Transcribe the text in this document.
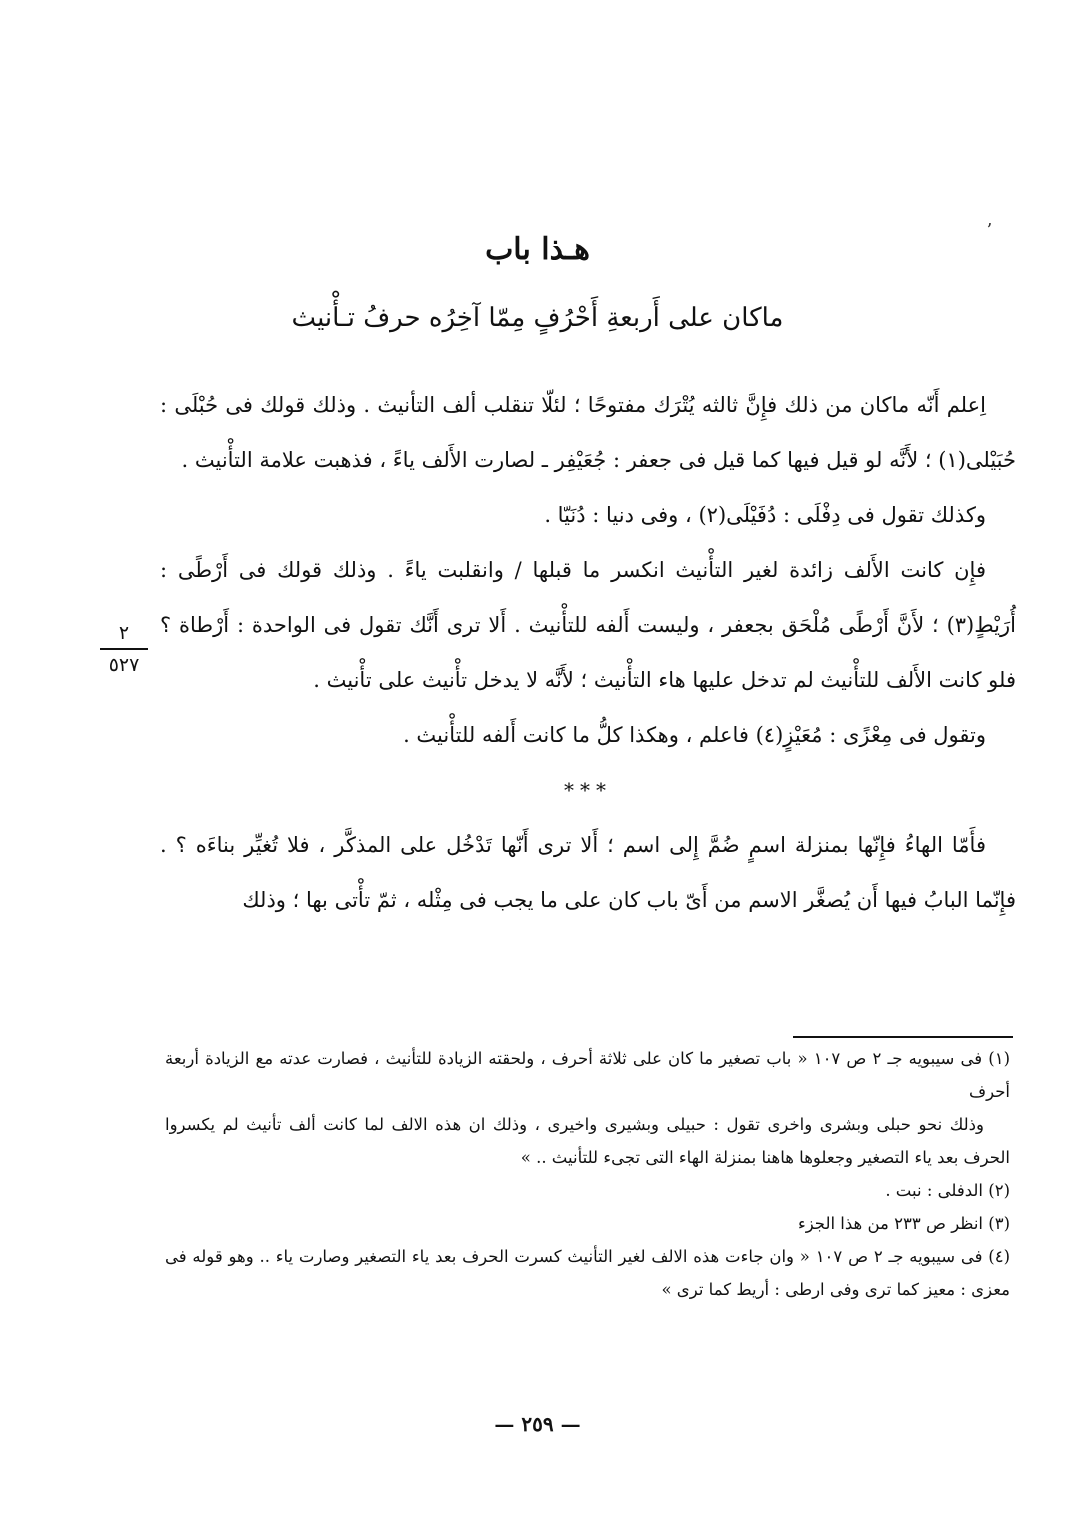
ʼ
هـذا باب
ماكان على أَربعةِ أَحْرُفٍ مِمّا آخِرُه حرفُ تـأْنيث
٢
٥٢٧

اِعلم أَنّه ماكان من ذلك فإِنَّ ثالثه يُتْرَك مفتوحًا ؛ لئلّا تنقلب ألف التأنيث . وذلك قولك فى حُبْلَى : حُبَيْلى(١) ؛ لأَنَّه لو قيل فيها كما قيل فى جعفر : جُعَيْفِر ـ لصارت الأَلف ياءً ، فذهبت علامة التأْنيث .

وكذلك تقول فى دِفْلَى : دُفَيْلَى(٢) ، وفى دنيا : دُنَيّا .

فإِن كانت الأَلف زائدة لغير التأْنيث انكسر ما قبلها / وانقلبت ياءً . وذلك قولك فى أَرْطًى : أُرَيْطٍ(٣) ؛ لأَنَّ أَرْطًى مُلْحَق بجعفر ، وليست أَلفه للتأْنيث . أَلا ترى أَنَّك تقول فى الواحدة : أَرْطاة ؟ فلو كانت الأَلف للتأْنيث لم تدخل عليها هاء التأْنيث ؛ لأَنَّه لا يدخل تأْنيث على تأْنيث .

وتقول فى مِعْزًى : مُعَيْزٍ(٤) فاعلم ، وهكذا كلُّ ما كانت أَلفه للتأْنيث .

***

فأَمّا الهاءُ فإِنّها بمنزلة اسمٍ ضُمَّ إِلى اسم ؛ أَلا ترى أَنّها تَدْخُل على المذكَّر ، فلا تُغيِّر بناءَه ؟ . فإِنّما البابُ فيها أَن يُصغَّر الاسم من أَىّ باب كان على ما يجب فى مِثْله ، ثمّ تأْتى بها ؛ وذلك

(١) فى سيبويه جـ ٢ ص ١٠٧ « باب تصغير ما كان على ثلاثة أحرف ، ولحقته الزيادة للتأنيث ، فصارت عدته مع الزيادة أربعة أحرف

وذلك نحو حبلى وبشرى واخرى تقول : حبيلى وبشيرى واخيرى ، وذلك ان هذه الالف لما كانت ألف تأنيث لم يكسروا الحرف بعد ياء التصغير وجعلوها هاهنا بمنزلة الهاء التى تجىء للتأنيث .. »

(٢) الدفلى : نبت .

(٣) انظر ص ٢٣٣ من هذا الجزء

(٤) فى سيبويه جـ ٢ ص ١٠٧ « وان جاءت هذه الالف لغير التأنيث كسرت الحرف بعد ياء التصغير وصارت ياء .. وهو قوله فى معزى : معيز كما ترى وفى ارطى : أريط كما ترى »

— ٢٥٩ —
